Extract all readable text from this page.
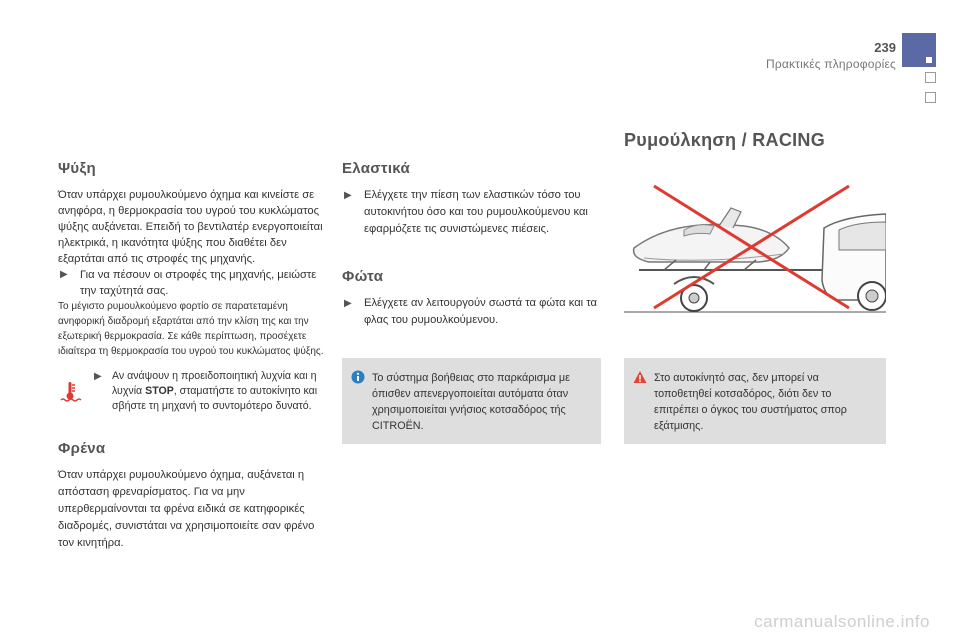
239
Πρακτικές πληροφορίες
Ψύξη

Όταν υπάρχει ρυμουλκούμενο όχημα και κινείστε σε ανηφόρα, η θερμοκρασία του υγρού του κυκλώματος ψύξης αυξάνεται. Επειδή το βεντιλατέρ ενεργοποιείται ηλεκτρικά, η ικανότητα ψύξης που διαθέτει δεν εξαρτάται από τις στροφές της μηχανής.

▶ Για να πέσουν οι στροφές της μηχανής, μειώστε την ταχύτητά σας.

Το μέγιστο ρυμουλκούμενο φορτίο σε παρατεταμένη ανηφορική διαδρομή εξαρτάται από την κλίση της και την εξωτερική θερμοκρασία. Σε κάθε περίπτωση, προσέχετε ιδιαίτερα τη θερμοκρασία του υγρού του κυκλώματος ψύξης.

▶ Αν ανάψουν η προειδοποιητική λυχνία και η λυχνία STOP, σταματήστε το αυτοκίνητο και σβήστε τη μηχανή το συντομότερο δυνατό.
Φρένα

Όταν υπάρχει ρυμουλκούμενο όχημα, αυξάνεται η απόσταση φρεναρίσματος. Για να μην υπερθερμαίνονται τα φρένα ειδικά σε κατηφορικές διαδρομές, συνιστάται να χρησιμοποιείτε σαν φρένο τον κινητήρα.

Ελαστικά
▶ Ελέγχετε την πίεση των ελαστικών τόσο του αυτοκινήτου όσο και του ρυμουλκούμενου και εφαρμόζετε τις συνιστώμενες πιέσεις.
Φώτα
▶ Ελέγχετε αν λειτουργούν σωστά τα φώτα και τα φλας του ρυμουλκούμενου.
Ρυμούλκηση / RACING
Το σύστημα βοήθειας στο παρκάρισμα με όπισθεν απενεργοποιείται αυτόματα όταν χρησιμοποιείται γνήσιος κοτσαδόρος τής CITROËN.
Στο αυτοκίνητό σας, δεν μπορεί να τοποθετηθεί κοτσαδόρος, διότι δεν το επιτρέπει ο όγκος του συστήματος σπορ εξάτμισης.
carmanualsonline.info
